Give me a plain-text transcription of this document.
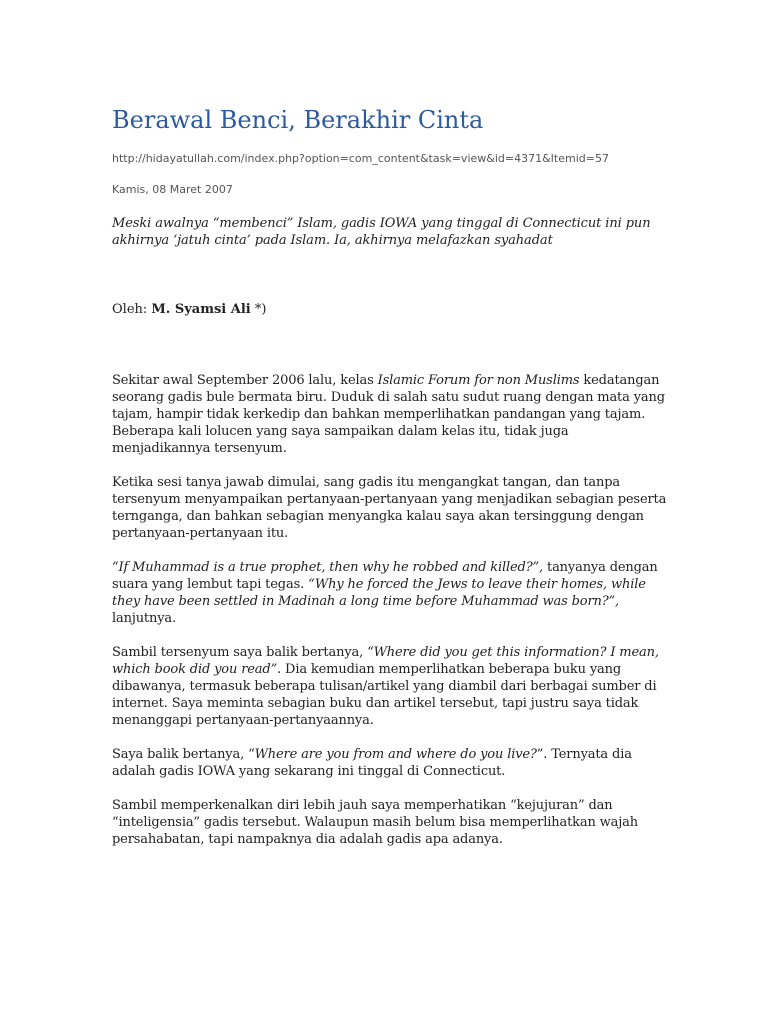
Berawal Benci, Berakhir Cinta
http://hidayatullah.com/index.php?option=com_content&task=view&id=4371&Itemid=57
Kamis, 08 Maret 2007
Meski awalnya “membenci” Islam, gadis IOWA yang tinggal di Connecticut ini pun akhirnya ‘jatuh cinta’ pada Islam. Ia, akhirnya melafazkan syahadat
Oleh: M. Syamsi Ali *)

Sekitar awal September 2006 lalu, kelas Islamic Forum for non Muslims kedatangan seorang gadis bule bermata biru. Duduk di salah satu sudut ruang dengan mata yang tajam, hampir tidak kerkedip dan bahkan memperlihatkan pandangan yang tajam. Beberapa kali lolucen yang saya sampaikan dalam kelas itu, tidak juga menjadikannya tersenyum.

Ketika sesi tanya jawab dimulai, sang gadis itu mengangkat tangan, dan tanpa tersenyum menyampaikan pertanyaan-pertanyaan yang menjadikan sebagian peserta ternganga, dan bahkan sebagian menyangka kalau saya akan tersinggung dengan pertanyaan-pertanyaan itu.

“If Muhammad is a true prophet, then why he robbed and killed?”, tanyanya dengan suara yang lembut tapi tegas. “Why he forced the Jews to leave their homes, while they have been settled in Madinah a long time before Muhammad was born?”, lanjutnya.

Sambil tersenyum saya balik bertanya, “Where did you get this information? I mean, which book did you read”. Dia kemudian memperlihatkan beberapa buku yang dibawanya, termasuk beberapa tulisan/artikel yang diambil dari berbagai sumber di internet. Saya meminta sebagian buku dan artikel tersebut, tapi justru saya tidak menanggapi pertanyaan-pertanyaannya.

Saya balik bertanya, “Where are you from and where do you live?”. Ternyata dia adalah gadis IOWA yang sekarang ini tinggal di Connecticut.

Sambil memperkenalkan diri lebih jauh saya memperhatikan “kejujuran” dan “inteligensia” gadis tersebut. Walaupun masih belum bisa memperlihatkan wajah persahabatan, tapi nampaknya dia adalah gadis apa adanya.
